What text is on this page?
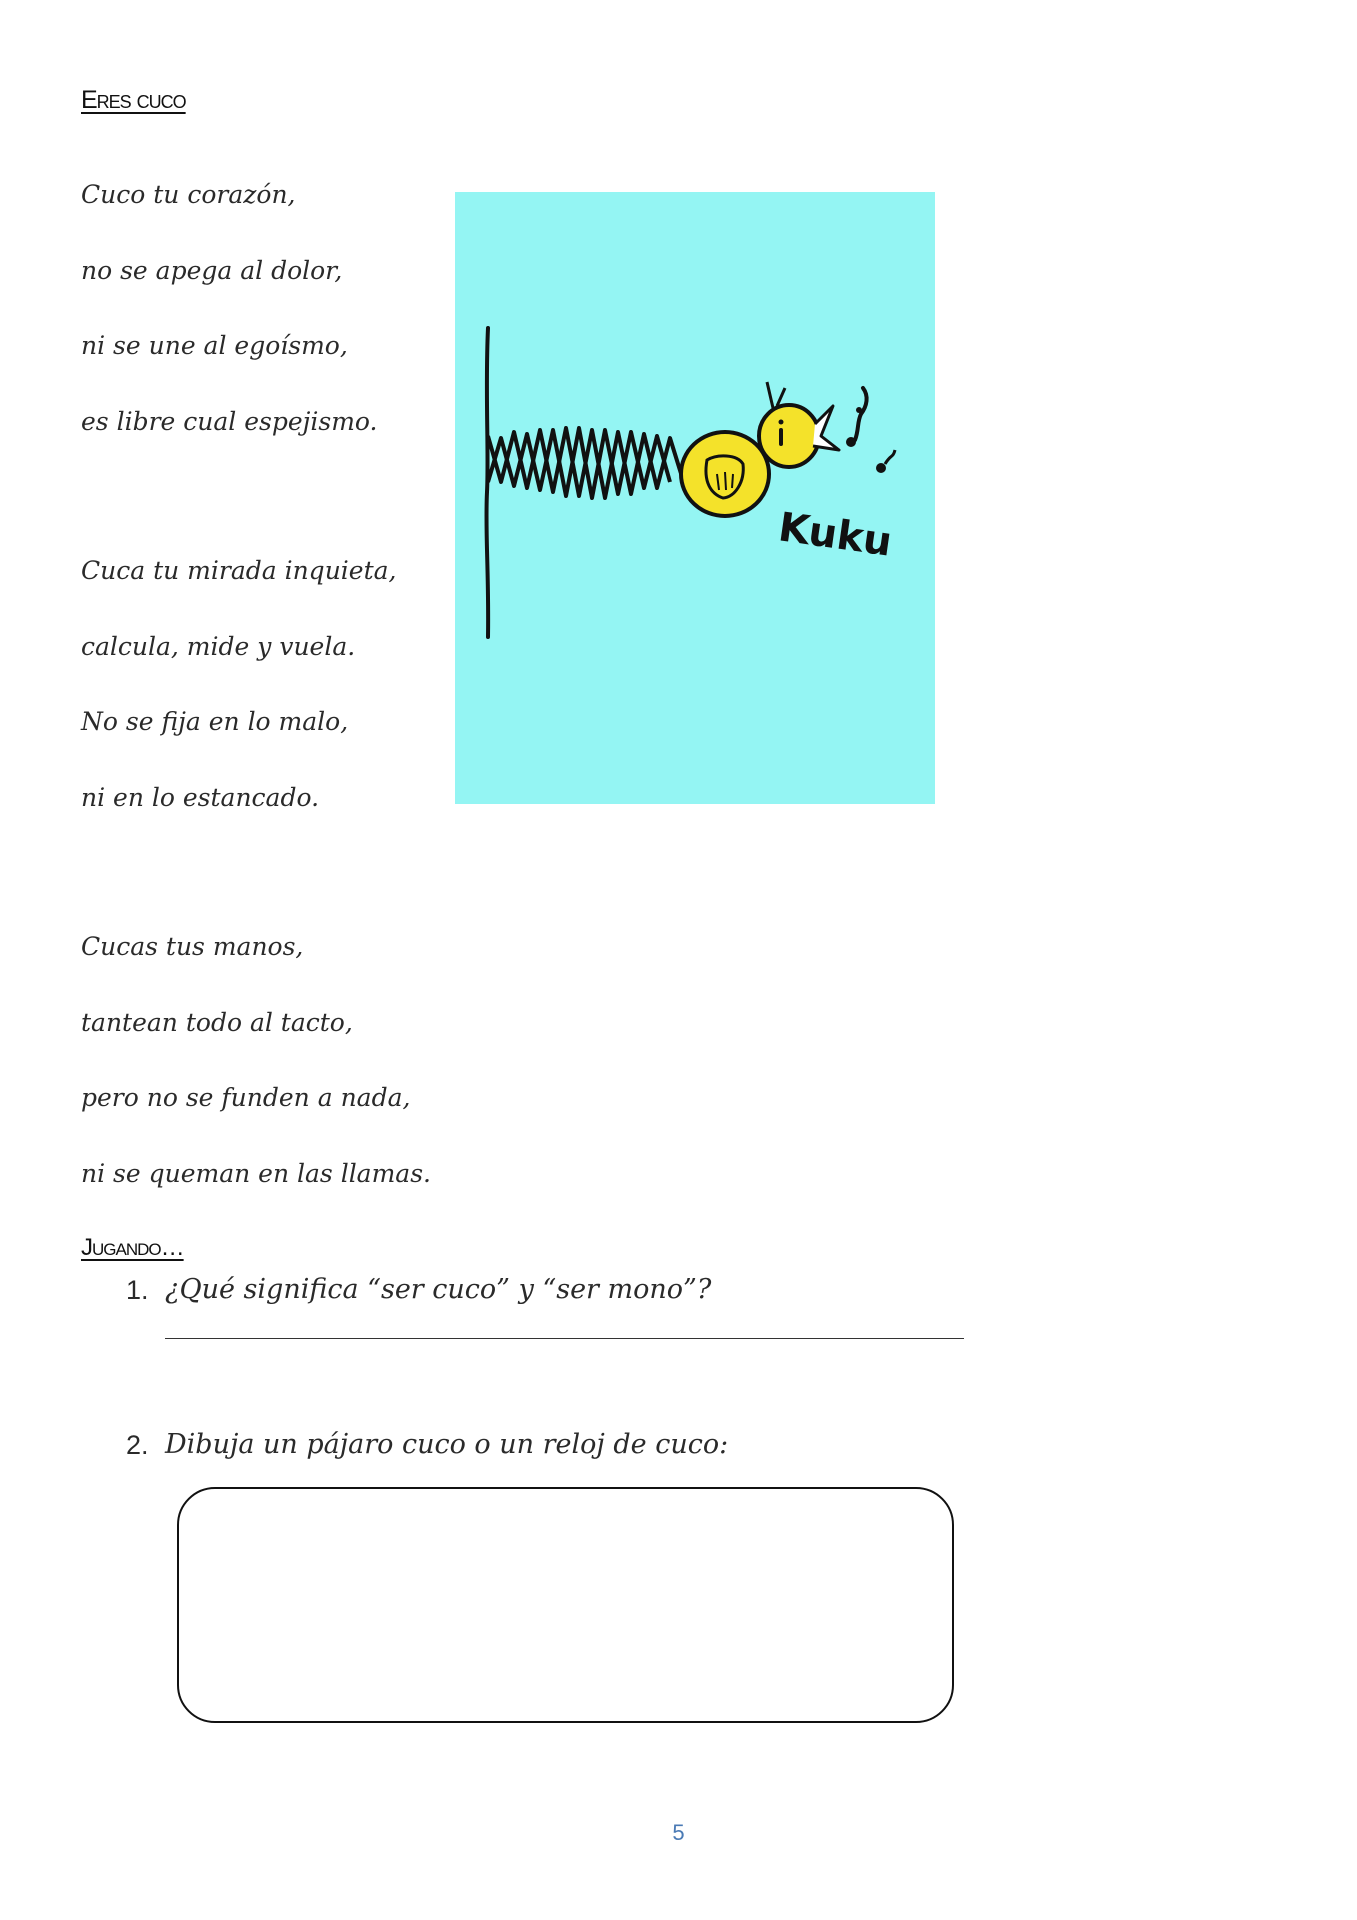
Eres cuco
Cuco tu corazón,
no se apega al dolor,
ni se une al egoísmo,
es libre cual espejismo.
Cuca tu mirada inquieta,
calcula, mide y vuela.
No se fija en lo malo,
ni en lo estancado.
Cucas tus manos,
tantean todo al tacto,
pero no se funden a nada,
ni se queman en las llamas.
Kuku
Jugando…
1. ¿Qué significa “ser cuco” y “ser mono”?
2. Dibuja un pájaro cuco o un reloj de cuco:
5
